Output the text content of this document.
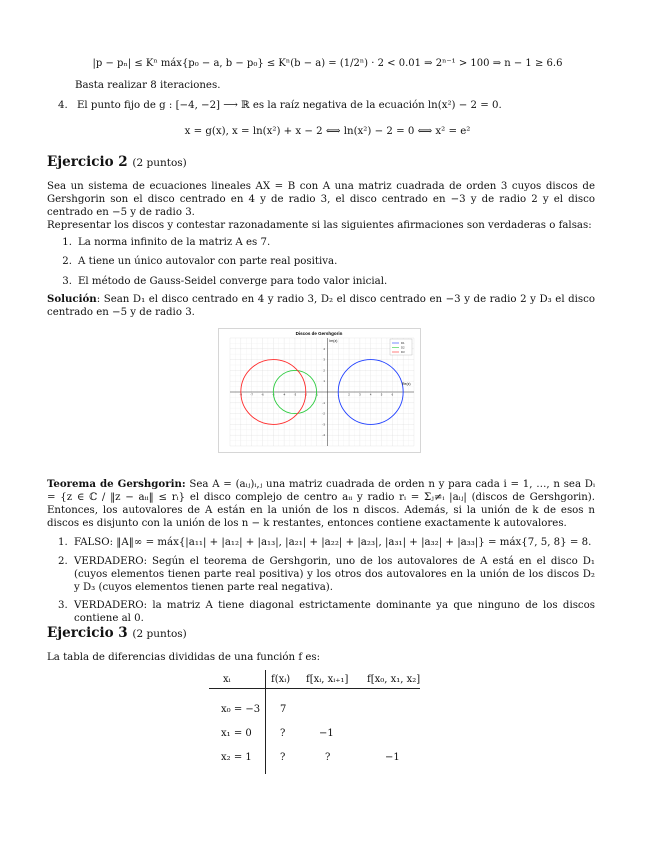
|p − pₙ| ≤ Kⁿ máx{p₀ − a, b − p₀} ≤ Kⁿ(b − a) = (1/2ⁿ) · 2 < 0.01 ⇒ 2ⁿ⁻¹ > 100 ⇒ n − 1 ≥ 6.6
Basta realizar 8 iteraciones.
4. El punto fijo de g : [−4, −2] ⟶ ℝ es la raíz negativa de la ecuación ln(x²) − 2 = 0.
x = g(x), x = ln(x²) + x − 2 ⟺ ln(x²) − 2 = 0 ⟺ x² = e²
Ejercicio 2 (2 puntos)
Sea un sistema de ecuaciones lineales AX = B con A una matriz cuadrada de orden 3 cuyos discos de Gershgorin son el disco centrado en 4 y de radio 3, el disco centrado en −3 y de radio 2 y el disco centrado en −5 y de radio 3.
Representar los discos y contestar razonadamente si las siguientes afirmaciones son verdaderas o falsas:
1. La norma infinito de la matriz A es 7.
2. A tiene un único autovalor con parte real positiva.
3. El método de Gauss-Seidel converge para todo valor inicial.
Solución: Sean D₁ el disco centrado en 4 y radio 3, D₂ el disco centrado en −3 y de radio 2 y D₃ el disco centrado en −5 y de radio 3.
Discos de Gershgorin
-8	-7	-6	-5	-4	-3	-2	-1	1	2	3	4	5	6
4
3
2
1
-1
-2
-3
-4
D1
D2
D3
Re(z)
Im(z)
Teorema de Gershgorin: Sea A = (aᵢⱼ)ᵢ,ⱼ una matriz cuadrada de orden n y para cada i = 1, …, n sea Dᵢ = {z ∈ ℂ / ‖z − aᵢᵢ‖ ≤ rᵢ} el disco complejo de centro aᵢᵢ y radio rᵢ = Σⱼ≠ᵢ |aᵢⱼ| (discos de Gershgorin). Entonces, los autovalores de A están en la unión de los n discos. Además, si la unión de k de esos n discos es disjunto con la unión de los n − k restantes, entonces contiene exactamente k autovalores.
1. FALSO: ‖A‖∞ = máx{|a₁₁| + |a₁₂| + |a₁₃|, |a₂₁| + |a₂₂| + |a₂₃|, |a₃₁| + |a₃₂| + |a₃₃|} = máx{7, 5, 8} = 8.
2. VERDADERO: Según el teorema de Gershgorin, uno de los autovalores de A está en el disco D₁ (cuyos elementos tienen parte real positiva) y los otros dos autovalores en la unión de los discos D₂ y D₃ (cuyos elementos tienen parte real negativa).
3. VERDADERO: la matriz A tiene diagonal estrictamente dominante ya que ninguno de los discos contiene al 0.
Ejercicio 3 (2 puntos)
La tabla de diferencias divididas de una función f es:
xᵢ	f(xᵢ) f[xᵢ, xᵢ₊₁] f[x₀, x₁, x₂]
x₀ = −3 7
x₁ = 0	?	−1
x₂ = 1	?	?	−1
